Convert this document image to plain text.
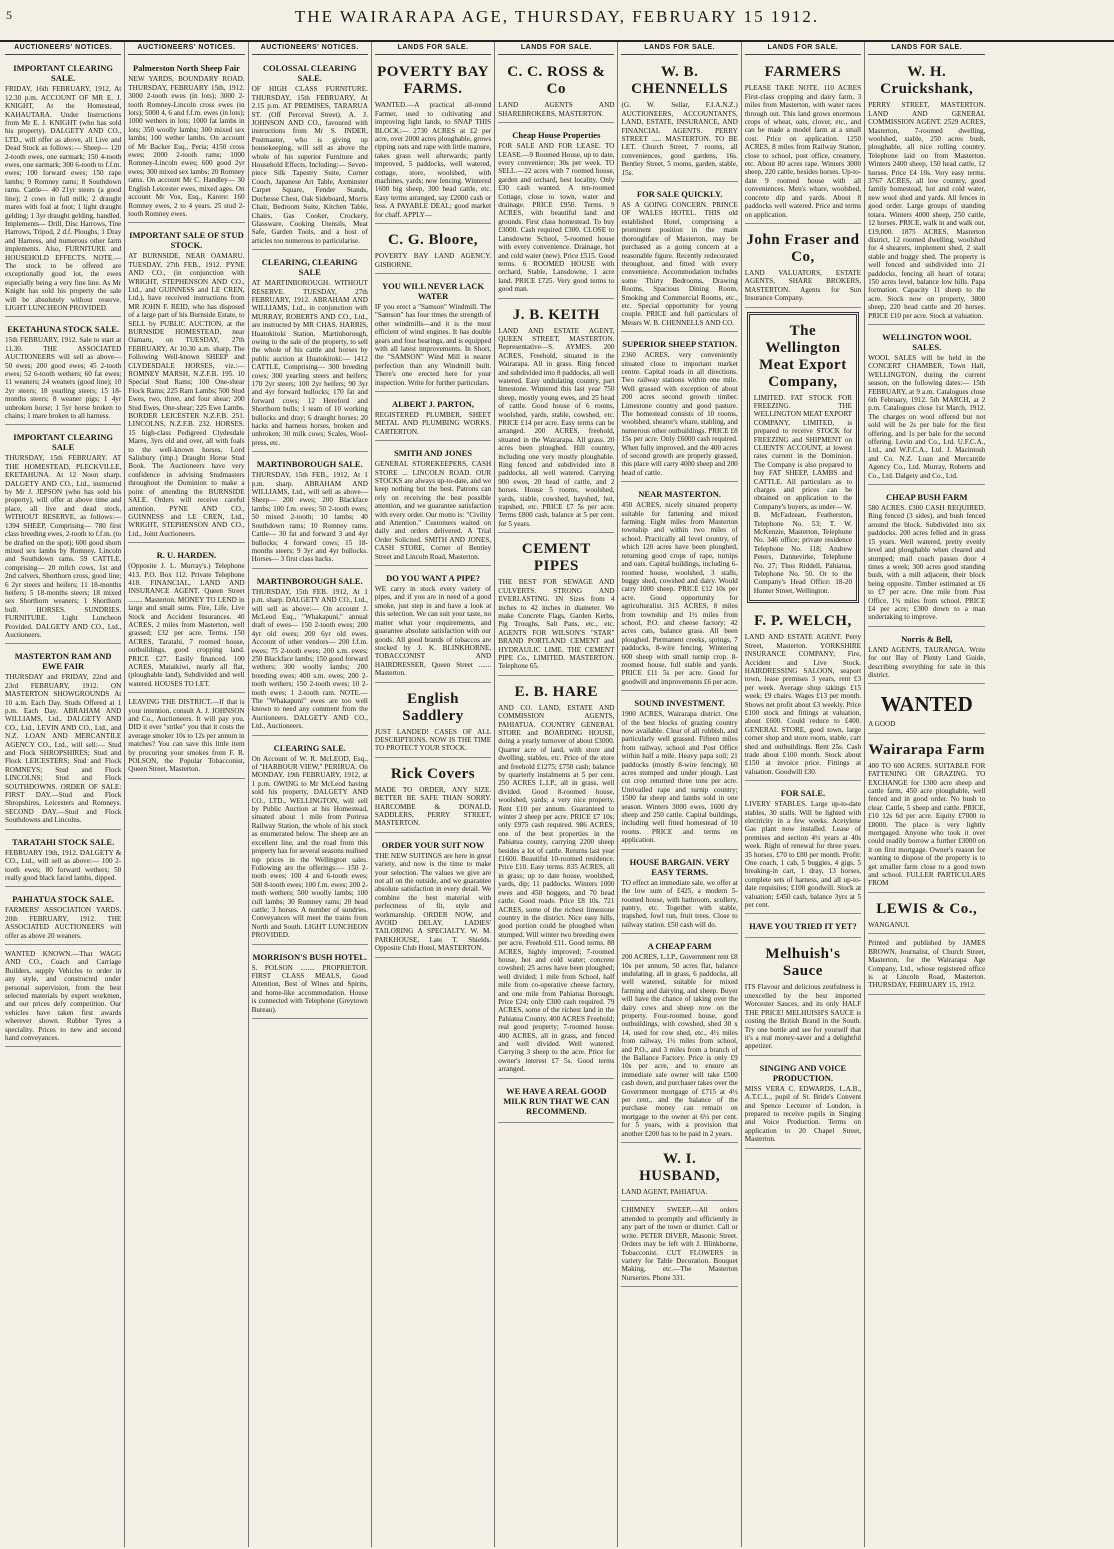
5	THE WAIRARAPA AGE, THURSDAY, FEBRUARY 15 1912.
AUCTIONEERS' NOTICES.
IMPORTANT CLEARING SALE.
FRIDAY, 16th FEBRUARY, 1912, At 12.30 p.m. ACCOUNT OF MR E. J. KNIGHT, At the Homestead, KAHAUTARA. Under Instructions from Mr E. J. KNIGHT (who has sold his property). DALGETY AND CO., LTD., will offer as above, all Live and Dead Stock as follows:— Sheep— 120 2-tooth ewes, one earmark; 150 4-tooth ewes, one earmark; 300 6-tooth to f.f.m. ewes; 100 forward ewes; 150 rape lambs; 9 Romney rams; 8 Southdown rams. Cattle— 40 21yr steers (a good line); 2 cows in full milk; 2 draught mares with foal at foot; 1 light draught gelding; 1 3yr draught gelding, handled. Implements— Drill, Disc Harrows, Tine Harrows, Tripod, 2 d.f. Ploughs, 1 Dray and Harness, and numerous other farm implements. Also, FURNITURE and HOUSEHOLD EFFECTS. NOTE.—The stock to be offered are exceptionally good lot, the ewes especially being a very fine line. As Mr Knight has sold his property the sale will be absolutely without reserve. LIGHT LUNCHEON PROVIDED.
EKETAHUNA STOCK SALE.
15th FEBRUARY, 1912. Sale to start at 11.30. THE ASSOCIATED AUCTIONEERS will sell as above— 50 ewes; 200 good ewes; 45 2-tooth ewes; 52 6-tooth wethers; 60 fat ewes; 11 weaners; 24 weaners (good line); 10 2yr steers; 18 yearling steers; 15 18-months steers; 8 weaner pigs; 1 4yr unbroken horse; 1 5yr horse broken to chains; 1 mare broken to all harness.
IMPORTANT CLEARING SALE
THURSDAY, 15th FEBRUARY. AT THE HOMESTEAD, PLECKVILLE, EKETAHUNA. At 12 Noon sharp. DALGETY AND CO., Ltd., instructed by Mr J. JEPSON (who has sold his property), will offer at above time and place, all live and dead stock, WITHOUT RESERVE, as follows:— 1394 SHEEP, Comprising— 780 first class breeding ewes, 2-tooth to f.f.m. (to be drafted on the spot); 600 good shorn mixed sex lambs by Romney, Lincoln and Southdown rams. 59 CATTLE, comprising— 20 milch cows, 1st and 2nd calvers, Shorthorn cross, good line; 6 2yr steers and heifers; 11 18-months heifers; 5 18-months steers; 18 mixed sex Shorthorn weaners; 1 Shorthorn bull. HORSES. SUNDRIES. FURNITURE. Light Luncheon Provided. DALGETY AND CO., Ltd., Auctioneers.
MASTERTON RAM AND EWE FAIR
THURSDAY and FRIDAY, 22nd and 23rd FEBRUARY, 1912. ON MASTERTON SHOWGROUNDS At 10 a.m. Each Day. Studs Offered at 1 p.m. Each Day. ABRAHAM AND WILLIAMS, Ltd., DALGETY AND CO., Ltd., LEVIN AND CO., Ltd., and N.Z. LOAN AND MERCANTILE AGENCY CO., Ltd., will sell:— Stud and Flock SHROPSHIRES; Stud and Flock LEICESTERS; Stud and Flock ROMNEYS; Stud and Flock LINCOLNS; Stud and Flock SOUTHDOWNS. ORDER OF SALE: FIRST DAY.—Stud and Flock Shropshires, Leicesters and Romneys. SECOND DAY.—Stud and Flock Southdowns and Lincolns.
TARATAHI STOCK SALE.
FEBRUARY 19th, 1912. DALGETY & CO., Ltd., will sell as above:— 100 2-tooth ewes; 80 forward wethers; 50 really good black faced lambs, dipped.
PAHIATUA STOCK SALE.
FARMERS' ASSOCIATION YARDS. 20th FEBRUARY, 1912. THE ASSOCIATED AUCTIONEERS will offer as above 20 weaners.
WANTED KNOWN.—That WAGG AND CO., Coach and Carriage Builders, supply Vehicles to order in any style, and constructed under personal supervision, from the best selected materials by expert workmen, and our prices defy competition. Our vehicles have taken first awards wherever shown. Rubber Tyres a speciality. Prices to new and second hand conveyances.
AUCTIONEERS' NOTICES.
Palmerston North Sheep Fair
NEW YARDS, BOUNDARY ROAD. THURSDAY, FEBRUARY 15th, 1912. 3000 2-tooth ewes (in lots); 3000 2-tooth Romney-Lincoln cross ewes (in lots); 5000 4, 6 and f.f.m. ewes (in lots); 1000 wethers in lots; 1000 fat lambs in lots; 350 woolly lambs; 300 mixed sex lambs; 100 wether lambs. On account of Mr Backer Esq., Peria; 4150 cross ewes; 2000 2-tooth rams; 1000 Romney-Lincoln ewes; 600 good 2yr ewes; 300 mixed sex lambs; 20 Romney rams. On account Mr C. Handley— 30 English Leicester ewes, mixed ages. On account Mr Vox, Esq., Karere: 160 Romney ewes, 2 to 4 years. 25 stud 2-tooth Romney ewes.
IMPORTANT SALE OF STUD STOCK.
AT BURNSIDE, NEAR OAMARU. TUESDAY, 27th FEB., 1912. PYNE AND CO., (in conjunction with WRIGHT, STEPHENSON AND CO., Ltd., and GUINNESS and LE CREN, Ltd.), have received instructions from MR JOHN F. REID, who has disposed of a large part of his Burnside Estate, to SELL by PUBLIC AUCTION, at the BURNSIDE HOMESTEAD, near Oamaru, on TUESDAY, 27th FEBRUARY, At 10.30 a.m. sharp, The Following Well-known SHEEP and CLYDESDALE HORSES, viz.:— ROMNEY MARSH, N.Z.F.B. 195. 10 Special Stud Rams; 100 One-shear Flock Rams; 225 Ram Lambs; 500 Stud Ewes, two, three, and four shear; 200 Stud Ewes, One-shear; 225 Ewe Lambs. BORDER LEICESTER N.Z.F.B. 251. LINCOLNS, N.Z.F.B. 232. HORSES. 15 high-class Pedigreed Clydesdale Mares, 3yrs old and over, all with foals to the well-known horses, Lord Salisbury (imp.) Draught Horse Stud Book. The Auctioneers have very confidence in advising Studmasters throughout the Dominion to make a point of attending the BURNSIDE SALE. Orders will receive careful attention. PYNE AND CO., GUINNESS and LE CREN, Ltd., WRIGHT, STEPHENSON AND CO., Ltd., Joint Auctioneers.
R. U. HARDEN.
(Opposite J. L. Murray's.) Telephone 413. P.O. Box 112. Private Telephone 418. FINANCIAL, LAND AND INSURANCE AGENT. Queen Street ........ Masterton. MONEY TO LEND in large and small sums. Fire, Life, Live Stock and Accident Insurances. 40 ACRES, 2 miles from Masterton, well grassed; £32 per acre. Terms. 150 ACRES, Taratahi, 7 roomed house, outbuildings, good cropping land. PRICE £27. Easily financed. 100 ACRES, Mataikiwi, nearly all flat, (ploughable land), Subdivided and well watered. HOUSES TO LET.
LEAVING THE DISTRICT.—If that is your intention, consult A. J. JOHNSON and Co., Auctioneers. It will pay you. DID it ever "strike" you that it costs the average smoker 10s to 12s per annum in matches? You can save this little item by procuring your smokes from F. R. POLSON, the Popular Tobacconist, Queen Street, Masterton.
AUCTIONEERS' NOTICES.
COLOSSAL CLEARING SALE.
OF HIGH CLASS FURNITURE. THURSDAY, 15th FEBRUARY, At 2.15 p.m. AT PREMISES, TARARUA ST. (Off Perceval Street). A. J. JOHNSON AND CO., favoured with instructions from Mr S. INDER, Postmaster, who is giving up housekeeping, will sell as above the whole of his superior Furniture and Household Effects, Including:— Seven-piece Silk Tapestry Suite, Corner Couch, Japanese Art Table, Axminster Carpet Square, Fender Stands, Duchesse Chest, Oak Sideboard, Morris Chair, Bedroom Suite, Kitchen Table, Chairs, Gas Cooker, Crockery, Glassware, Cooking Utensils, Meat Safe, Garden Tools, and a host of articles too numerous to particularise.
CLEARING, CLEARING SALE
AT MARTINBOROUGH. WITHOUT RESERVE. TUESDAY, 27th FEBRUARY, 1912. ABRAHAM AND WILLIAMS, Ltd., in conjunction with MURRAY, ROBERTS AND CO., Ltd., are instructed by MR CHAS. HARRIS, Huatokitoki Station, Martinborough, owing to the sale of the property, to sell the whole of his cattle and horses by public auction at Huatokitoki:— 1412 CATTLE, Comprising— 300 breeding cows; 300 yearling steers and heifers; 170 2yr steers; 100 2yr heifers; 90 3yr and 4yr forward bullocks; 170 fat and forward cows; 12 Hereford and Shorthorn bulls; 1 team of 10 working bullocks and dray; 6 draught horses; 20 hacks and harness horses, broken and unbroken; 30 milk cows; Scales, Wool-press, etc.
MARTINBOROUGH SALE.
THURSDAY, 15th FEB., 1912, At 1 p.m. sharp. ABRAHAM AND WILLIAMS, Ltd., will sell as above— Sheep— 200 ewes; 200 Blackface lambs; 100 f.m. ewes; 50 2-tooth ewes; 50 mixed 2-tooth; 10 lambs; 40 Southdown rams; 10 Romney rams. Cattle— 30 fat and forward 3 and 4yr bullocks; 4 forward cows; 15 18-months steers; 9 3yr and 4yr bullocks. Horses— 3 first class hacks.
MARTINBOROUGH SALE.
THURSDAY, 15th FEB. 1912, At 1 p.m. sharp. DALGETY AND CO., Ltd., will sell as above:— On account J. McLeod Esq., "Whakapuni," annual draft of ewes— 150 2-tooth ewes; 200 4yr old ewes; 200 6yr old ewes. Account of other vendors— 200 f.f.m. ewes; 75 2-tooth ewes; 200 s.m. ewes; 250 Blackface lambs; 150 good forward wethers; 300 woolly lambs; 200 breeding ewes; 400 s.m. ewes; 200 2-tooth wethers; 150 2-tooth ewes; 10 2-tooth ewes; 1 2-tooth ram. NOTE.—The "Whakapuni" ewes are too well known to need any comment from the Auctioneers. DALGETY AND CO., Ltd., Auctioneers.
CLEARING SALE.
On Account of W. R. McLEOD, Esq., of "HARBOUR VIEW," PERIRUA. On MONDAY, 19th FEBRUARY, 1912, at 1 p.m. OWING to Mr McLeod having sold his property, DALGETY AND CO., LTD., WELLINGTON, will sell by Public Auction at his Homestead, situated about 1 mile from Porirua Railway Station, the whole of his stock as enumerated below. The sheep are an excellent line, and the road from this property has for several seasons realised top prices in the Wellington sales. Following are the offerings:— 150 2-tooth ewes; 100 4 and 6-tooth ewes; 500 8-tooth ewes; 100 f.m. ewes; 200 2-tooth wethers; 500 woolly lambs; 100 cull lambs; 30 Romney rams; 20 head cattle; 3 horses. A number of sundries. Conveyances will meet the trains from North and South. LIGHT LUNCHEON PROVIDED.
MORRISON'S BUSH HOTEL.
S. POLSON ........ PROPRIETOR. FIRST CLASS MEALS, Good Attention, Best of Wines and Spirits, and home-like accommodation. House is connected with Telephone (Greytown Bureau).
LANDS FOR SALE.
POVERTY BAY FARMS.
WANTED.—A practical all-round Farmer, used to cultivating and improving light lands, to SNAP THIS BLOCK:— 2730 ACRES at £2 per acre, over 2000 acres ploughable, grows ripping oats and rape with little manure, takes grass well afterwards; partly improved, 5 paddocks, well watered, cottage, store, woolshed, with machines, yards; new fencing. Wintered 1600 big sheep, 300 head cattle, etc. Easy terms arranged, say £2000 cash or less. A PAYABLE DEAL; good market for chaff. APPLY—
C. G. Bloore,
POVERTY BAY LAND AGENCY. GISBORNE.
YOU WILL NEVER LACK WATER
IF you erect a "Samson" Windmill. The "Samson" has four times the strength of other windmills—and it is the most efficient of wind engines. It has double gears and four bearings, and is equipped with all latest improvements. In Short, the "SAMSON" Wind Mill is nearer perfection than any Windmill built. There's one erected here for your inspection. Write for further particulars.
ALBERT J. PARTON,
REGISTERED PLUMBER, SHEET METAL AND PLUMBING WORKS. CARTERTON.
SMITH AND JONES
GENERAL STOREKEEPERS, CASH STORE ... LINCOLN ROAD. OUR STOCKS are always up-to-date, and we keep nothing but the best. Patrons can rely on receiving the best possible attention, and we guarantee satisfaction with every order. Our motto is: "Civility and Attention." Customers waited on daily and orders delivered. A Trial Order Solicited. SMITH AND JONES, CASH STORE, Corner of Bentley Street and Lincoln Road, Masterton.
DO YOU WANT A PIPE?
WE carry in stock every variety of pipes, and if you are in need of a good smoke, just step in and have a look at this selection. We can suit your taste, no matter what your requirements, and guarantee absolute satisfaction with our goods. All good brands of tobaccos are stocked by J. K. BLINKHORNE, TOBACCONIST AND HAIRDRESSER, Queen Street ....... Masterton.
English Saddlery
JUST LANDED! CASES OF ALL DESCRIPTIONS. NOW IS THE TIME TO PROTECT YOUR STOCK.
Rick Covers
MADE TO ORDER, ANY SIZE. BETTER BE SAFE THAN SORRY. HARCOMBE & DONALD, SADDLERS, PERRY STREET, MASTERTON.
ORDER YOUR SUIT NOW
THE NEW SUITINGS are here in great variety, and now is the time to make your selection. The values we give are not all on the outside, and we guarantee absolute satisfaction in every detail. We combine the best material with perfectness of fit, style and workmanship. ORDER NOW, and AVOID DELAY. LADIES' TAILORING A SPECIALTY. W. M. PARKHOUSE, Late T. Shields. Opposite Club Hotel, MASTERTON.
LANDS FOR SALE.
C. C. ROSS & Co
LAND AGENTS AND SHAREBROKERS, MASTERTON.
Cheap House Properties
FOR SALE AND FOR LEASE. TO LEASE.—9 Roomed House, up to date, every convenience; 30s per week. TO SELL.—22 acres with 7 roomed house, garden and orchard, best locality. Only £30 cash wanted. A ten-roomed Cottage, close to town, water and drainage. PRICE £950. Terms. 9 ACRES, with beautiful land and grounds. First class homestead. To buy £3000. Cash required £300. CLOSE to Lansdowne School, 5-roomed house with every convenience. Drainage, hot and cold water (new). Price £515. Good terms. 6 ROOMED HOUSE with orchard, Stable, Lansdowne, 1 acre land. PRICE £725. Very good terms to good man.
J. B. KEITH
LAND AND ESTATE AGENT, QUEEN STREET, MASTERTON. Representative—S. AYMES. 200 ACRES, Freehold, situated in the Wairarapa. All in grass. Ring fenced and subdivided into 8 paddocks, all well watered. Easy undulating country, part limestone. Wintered this last year 750 sheep, mostly young ewes, and 25 head of cattle. Good house of 6 rooms, woolshed, yards, stable, cowshed, etc. PRICE £14 per acre. Easy terms can be arranged. 200 ACRES, freehold, situated in the Wairarapa. All grass. 20 acres been ploughed. Hill country, including one very mostly ploughable. Ring fenced and subdivided into 8 paddocks, all well watered. Carrying 900 ewes, 20 head of cattle, and 2 horses. House 5 rooms, woolshed, yards, stable, cowshed, hayshed, hut, trapshed, etc. PRICE £7 5s per acre. Terms £800 cash, balance at 5 per cent. for 5 years.
CEMENT PIPES
THE BEST FOR SEWAGE AND CULVERTS. STRONG AND EVERLASTING. IN Sizes from 4 inches to 42 inches in diameter. We make Concrete Flags, Garden Kerbs, Pig Troughs, Salt Pans, etc., etc. AGENTS FOR WILSON'S "STAR" BRAND PORTLAND CEMENT and HYDRAULIC LIME. THE CEMENT PIPE Co., LIMITED. MASTERTON. Telephone 65.
E. B. HARE
AND CO. LAND, ESTATE AND COMMISSION AGENTS, PAHIATUA. COUNTRY GENERAL STORE and BOARDING HOUSE, doing a yearly turnover of about £3000. Quarter acre of land, with store and dwelling, stables, etc. Price of the store and freehold £1275; £750 cash; balance by quarterly instalments at 5 per cent. 250 ACRES L.I.P., all in grass, well divided. Good 8-roomed house, woolshed, yards; a very nice property. Rent £10 per annum. Guaranteed to winter 2 sheep per acre. PRICE £7 10s; only £975 cash required. 986 ACRES, one of the best properties in the Pahiatua county, carrying 2200 sheep besides a lot of cattle. Returns last year £1600. Beautiful 10-roomed residence. Price £10. Easy terms. 835 ACRES, all in grass; up to date house, woolshed, yards, dip; 11 paddocks. Winters 1000 ewes and 450 hoggets, and 70 head cattle. Good roads. Price £8 10s. 721 ACRES, some of the richest limestone country in the district. Nice easy hills, good portion could be ploughed when stumped. Will winter two breeding ewes per acre. Freehold £11. Good terms. 88 ACRES, highly improved; 7-roomed house, hot and cold water; concrete cowshed; 25 acres have been ploughed; well divided; 1 mile from School, half mile from co-operative cheese factory, and one mile from Pahiatua Borough. Price £24; only £300 cash required. 79 ACRES, some of the richest land in the Pahiatua County. 400 ACRES Freehold; real good property; 7-roomed house. 400 ACRES, all in grass, and fenced and well divided. Well watered. Carrying 3 sheep to the acre. Price for owner's interest £7 5s. Good terms arranged.
WE HAVE A REAL GOOD MILK RUN THAT WE CAN RECOMMEND.
LANDS FOR SALE.
W. B. CHENNELLS
(G. W. Sellar, F.I.A.N.Z.) AUCTIONEERS, ACCOUNTANTS, LAND, ESTATE, INSURANCE, AND FINANCIAL AGENTS. PERRY STREET ..... MASTERTON. TO BE LET. Church Street, 7 rooms, all conveniences, good gardens, 16s. Bentley Street, 5 rooms, garden, stable, 15s.
FOR SALE QUICKLY.
AS A GOING CONCERN. PRINCE OF WALES HOTEL. THIS old established Hotel, comprising a prominent position in the main thoroughfare of Masterton, may be purchased as a going concern at a reasonable figure. Recently redecorated throughout, and fitted with every convenience. Accommodation includes some Thirty Bedrooms, Drawing Rooms, Spacious Dining Room, Smoking and Commercial Rooms, etc., etc. Special opportunity for young couple. PRICE and full particulars of Messrs W. B. CHENNELLS AND CO.
SUPERIOR SHEEP STATION.
2360 ACRES, very conveniently situated close to important market centre. Capital roads in all directions. Two railway stations within one mile. Well grassed with exception of about 200 acres second growth timber. Limestone country and good pasture. The homestead consists of 10 rooms, woolshed, shearer's whare, stabling, and numerous other outbuildings. PRICE £8 15s per acre. Only £6000 cash required. When fully improved, and the 400 acres of second growth are properly grassed, this place will carry 4000 sheep and 200 head of cattle.
NEAR MASTERTON.
450 ACRES, nicely situated property suitable for fattening and mixed farming. Eight miles from Masterton township and within two miles of school. Practically all level country, of which 120 acres have been ploughed, returning good crops of rape, turnips and oats. Capital buildings, including 6-roomed house, woolshed, 3 stalls, buggy shed, cowshed and dairy. Would carry 1000 sheep. PRICE £12 10s per acre. Good opportunity for agriculturalist. 315 ACRES, 8 miles from township and 1½ miles from school, P.O. and cheese factory; 42 acres cats, balance grass. All been ploughed. Permanent creeks, springs, 7 paddocks, 8-wire fencing. Wintering 600 sheep with small turnip crop. 8-roomed house, full stable and yards. PRICE £11 5s per acre. Good for goodwill and improvements £6 per acre.
SOUND INVESTMENT.
1900 ACRES, Wairarapa district. One of the best blocks of grazing country now available. Clear of all rubbish, and particularly well grassed. Fifteen miles from railway, school and Post Office within half a mile. Heavy papa soil; 21 paddocks (mostly 8-wire fencing); 60 acres stumped and under plough. Last cut crop returned three tons per acre. Unrivalled rape and turnip country; 1500 fat sheep and lambs sold in one season. Winters 3000 ewes, 1600 dry sheep and 250 cattle. Capital buildings, including well fitted homestead of 10 rooms. PRICE and terms on application.
HOUSE BARGAIN. VERY EASY TERMS.
TO effect an immediate sale, we offer at the low sum of £425, a modern 5-roomed house, with bathroom, scullery, pantry, etc. Together with stable, trapshed, fowl run, fruit trees. Close to railway station. £50 cash will do.
A CHEAP FARM
200 ACRES, L.I.P., Government rent £8 10s per annum, 50 acres flat, balance undulating, all in grass, 6 paddocks, all well watered, suitable for mixed farming and dairying, and sheep. Buyer will have the chance of taking over the dairy cows and sheep now on the property. Four-roomed house, good outbuildings, with cowshed, shed 30 x 14, used for cow shed, etc., 4½ miles from railway, 1½ miles from school, and P.O., and 3 miles from a branch of the Ballance Factory. Price is only £9 10s per acre, and to ensure an immediate sale owner will take £500 cash down, and purchaser takes over the Government mortgage of £715 at 4½ per cent., and the balance of the purchase money can remain on mortgage to the owner at 6½ per cent. for 5 years, with a provision that another £200 has to be paid in 2 years.
W. I. HUSBAND,
LAND AGENT, PAHIATUA.
CHIMNEY SWEEP.—All orders attended to promptly and efficiently in any part of the town or district. Call or write. PETER DIVER, Masonic Street. Orders may be left with J. Blinkhorne, Tobacconist. CUT FLOWERS in variety for Table Decoration. Bouquet Making, etc.—The Masterton Nurseries. Phone 331.
LANDS FOR SALE.
FARMERS
PLEASE TAKE NOTE. 110 ACRES First-class cropping and dairy farm, 3 miles from Masterton, with water races through out. This land grows enormous crops of wheat, oats, clover, etc., and can be made a model farm at a small cost. Price on application. 1250 ACRES, 8 miles from Railway Station, close to school, post office, creamery, etc. About 80 acres rape. Winters 3000 sheep, 220 cattle, besides horses. Up-to-date 9 roomed house with all conveniences. Men's whare, woolshed, concrete dip and yards. About 8 paddocks well watered. Price and terms on application.
John Fraser and Co,
LAND VALUATORS, ESTATE AGENTS, SHARE BROKERS, MASTERTON. Agents for Sun Insurance Company.
The Wellington Meat Export Company,
LIMITED. FAT STOCK FOR FREEZING. THE WELLINGTON MEAT EXPORT COMPANY, LIMITED, is prepared to receive STOCK for FREEZING and SHIPMENT on CLIENTS' ACCOUNT, at lowest rates current in the Dominion. The Company is also prepared to buy FAT SHEEP, LAMBS and CATTLE. All particulars as to charges and prices can be obtained on application to the Company's buyers, as under— W. B. McFadzean, Featherston, Telephone No. 53; T. W. McKenzie, Masterton, Telephone No. 346 office; private residence Telephone No. 118; Andrew Peters, Dannevirke, Telephone No. 27; Thos Riddell, Pahiatua, Telephone No. 50. Or to the Company's Head Office: 18-20 Hunter Street, Wellington.
F. P. WELCH,
LAND AND ESTATE AGENT. Perry Street, Masterton. YORKSHIRE INSURANCE COMPANY; Fire, Accident and Live Stock. HAIRDRESSING SALOON, seaport town, lease premises 3 years, rent £3 per week. Average shop takings £15 week; £9 chairs. Wages £13 per month. Shows net profit about £3 weekly. Price £100 stock and fittings at valuation, about £600. Could reduce to £400. GENERAL STORE, good town, large corner shop and store room, stable, cart shed and outbuildings. Rent 25s. Cash trade about £100 month. Stock about £150 at invoice price. Fittings at valuation. Goodwill £30.
FOR SALE.
LIVERY STABLES. Large up-to-date stables, 30 stalls. Will be lighted with electricity in a few weeks. Acetylene Gas plant now installed. Lease of premises and section 4½ years at 40s week. Right of renewal for three years. 35 horses, £70 to £80 per month. Profit: One coach, 1 cab, 5 buggies, 4 gigs, 5 breaking-in cart, 1 dray, 13 horses, complete sets of harness, and all up-to-date requisites; £100 goodwill. Stock at valuation; £450 cash, balance 3yrs at 5 per cent.
HAVE YOU TRIED IT YET?
Melhuish's Sauce
ITS Flavour and delicious zestfulness is unexcelled by the best imported Worcester Sauces, and its only HALF THE PRICE! MELHUISH'S SAUCE is costing the British Brand in the South. Try one bottle and see for yourself that it's a real money-saver and a delightful appetizer.
SINGING AND VOICE PRODUCTION.
MISS VERA C. EDWARDS, L.A.B., A.T.C.L., pupil of St. Bride's Convent and Spence Lecturer of London, is prepared to receive pupils in Singing and Voice Production. Terms on application to 20 Chapel Street, Masterton.
LANDS FOR SALE.
W. H. Cruickshank,
PERRY STREET, MASTERTON. LAND AND GENERAL COMMISSION AGENT. 2529 ACRES, Masterton, 7-roomed dwelling, woolshed, stable, 250 acres bush, ploughable, all nice rolling country. Telephone laid on from Masterton. Winters 2400 sheep, 150 head cattle, 12 horses. Price £4 10s. Very easy terms. 3767 ACRES, all low country, good family homestead, hot and cold water, new wool shed and yards. All fences in good order. Large groups of standing totara. Winters 4000 sheep, 250 cattle, 12 horses. PRICE, walk in and walk out, £19,000. 1875 ACRES, Masterton district, 12 roomed dwelling, woolshed for 4 shearers, implement shed, 2 stall stable and buggy shed. The property is well fenced and subdivided into 21 paddocks, fencing all heart of totara; 150 acres level, balance low hills. Papa formation. Capacity 11 sheep to the acre. Stock now on property, 3800 sheep, 220 head cattle and 20 horses. PRICE £10 per acre. Stock at valuation.
WELLINGTON WOOL SALES.
WOOL SALES will be held in the CONCERT CHAMBER, Town Hall, WELLINGTON, during the current season, on the following dates:— 15th FEBRUARY, at 9 a.m. Catalogues close 6th February, 1912. 5th MARCH, at 2 p.m. Catalogues close 1st March, 1912. The charges on wool offered but not sold will be 2s per bale for the first offering, and 1s per bale for the second offering. Levin and Co., Ltd. U.F.C.A., Ltd., and W.F.C.A., Ltd. J. Macintosh and Co. N.Z. Loan and Mercantile Agency Co., Ltd. Murray, Roberts and Co., Ltd. Dalgety and Co., Ltd.
CHEAP BUSH FARM
580 ACRES. £300 CASH REQUIRED. Ring fenced (3 sides), and bush fenced around the block. Subdivided into six paddocks. 200 acres felled and in grass 15 years. Well watered, pretty evenly level and ploughable when cleared and stumped; mail coach passes door 4 times a week; 300 acres good standing bush, with a mill adjacent, their block being opposite. Timber estimated at £6 to £7 per acre. One mile from Post Office, 1¾ miles from school. PRICE £4 per acre; £300 down to a man undertaking to improve.
Norris & Bell,
LAND AGENTS, TAURANGA. Write for our Bay of Plenty Land Guide, describing everything for sale in this district.
WANTED
A GOOD
Wairarapa Farm
400 TO 600 ACRES. SUITABLE FOR FATTENING OR GRAZING. TO EXCHANGE for 1300 acre sheep and cattle farm, 450 acre ploughable, well fenced and in good order. No bush to clear. Cattle, 5 sheep and cattle. PRICE, £10 12s 6d per acre. Equity £7000 to £8000. The place is very lightly mortgaged. Anyone who took it over could readily borrow a further £3000 on it on first mortgage. Owner's reason for wanting to dispose of the property is to get smaller farm close to a good town and school. FULLER PARTICULARS FROM
LEWIS & Co.,
WANGANUI.
Printed and published by JAMES BROWN, Journalist, of Church Street, Masterton, for the Wairarapa Age Company, Ltd., whose registered office is at Lincoln Road, Masterton. THURSDAY, FEBRUARY 15, 1912.
